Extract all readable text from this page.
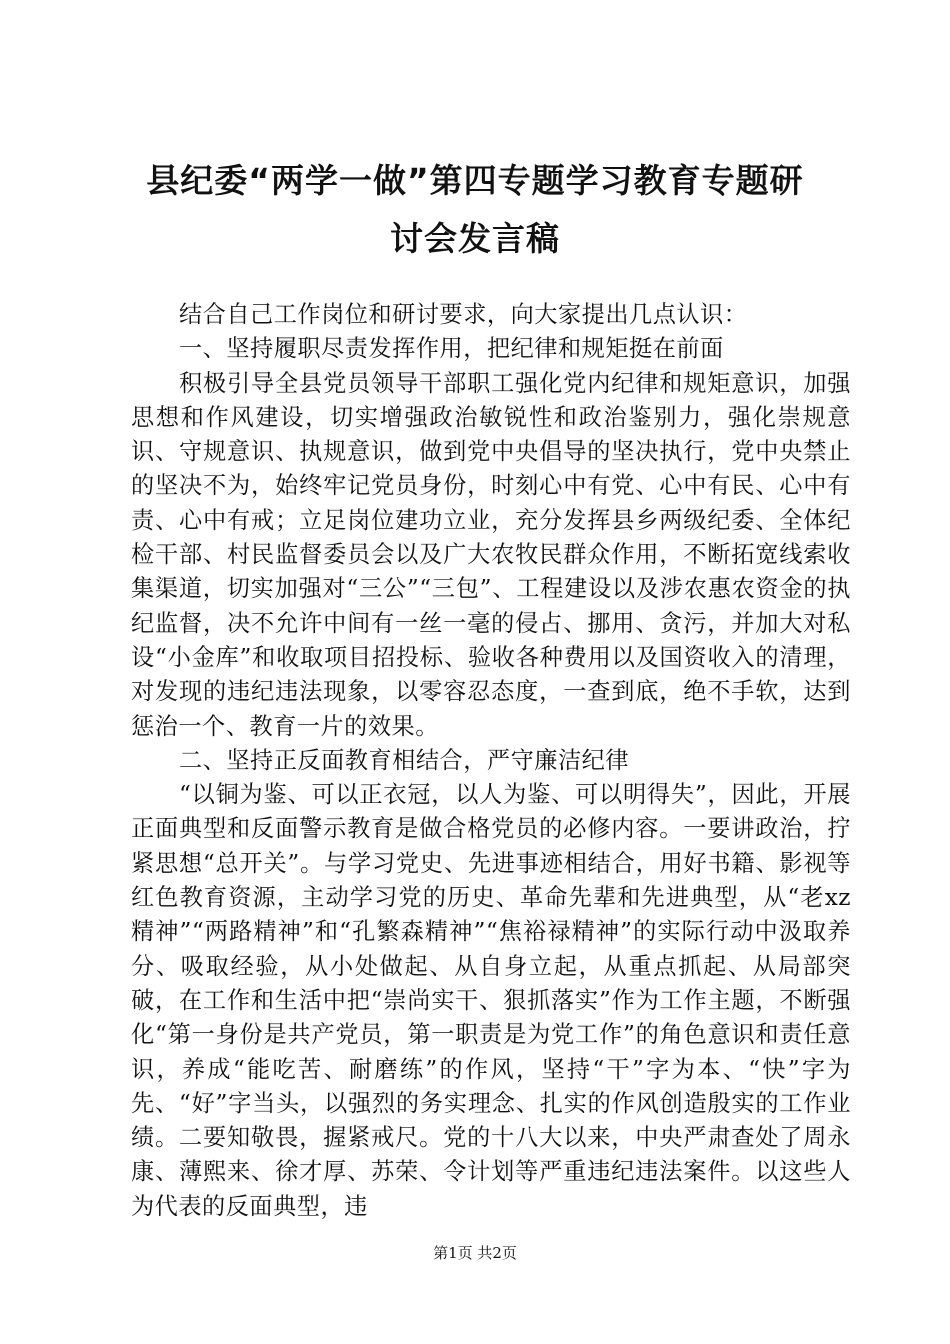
县纪委“两学一做”第四专题学习教育专题研

讨会发言稿

结合自己工作岗位和研讨要求，向大家提出几点认识：

一、坚持履职尽责发挥作用，把纪律和规矩挺在前面

积极引导全县党员领导干部职工强化党内纪律和规矩意识，加强思想和作风建设，切实增强政治敏锐性和政治鉴别力，强化崇规意识、守规意识、执规意识，做到党中央倡导的坚决执行，党中央禁止的坚决不为，始终牢记党员身份，时刻心中有党、心中有民、心中有责、心中有戒；立足岗位建功立业，充分发挥县乡两级纪委、全体纪检干部、村民监督委员会以及广大农牧民群众作用，不断拓宽线索收集渠道，切实加强对“三公”“三包”、工程建设以及涉农惠农资金的执纪监督，决不允许中间有一丝一毫的侵占、挪用、贪污，并加大对私设“小金库”和收取项目招投标、验收各种费用以及国资收入的清理，对发现的违纪违法现象，以零容忍态度，一查到底，绝不手软，达到惩治一个、教育一片的效果。

二、坚持正反面教育相结合，严守廉洁纪律

“以铜为鉴、可以正衣冠，以人为鉴、可以明得失”，因此，开展正面典型和反面警示教育是做合格党员的必修内容。一要讲政治，拧紧思想“总开关”。与学习党史、先进事迹相结合，用好书籍、影视等红色教育资源，主动学习党的历史、革命先辈和先进典型，从“老xz精神”“两路精神”和“孔繁森精神”“焦裕禄精神”的实际行动中汲取养分、吸取经验，从小处做起、从自身立起，从重点抓起、从局部突破，在工作和生活中把“崇尚实干、狠抓落实”作为工作主题，不断强化“第一身份是共产党员，第一职责是为党工作”的角色意识和责任意识，养成“能吃苦、耐磨练”的作风，坚持“干”字为本、“快”字为先、“好”字当头，以强烈的务实理念、扎实的作风创造殷实的工作业绩。二要知敬畏，握紧戒尺。党的十八大以来，中央严肃查处了周永康、薄熙来、徐才厚、苏荣、令计划等严重违纪违法案件。以这些人为代表的反面典型，违

第1页 共2页
